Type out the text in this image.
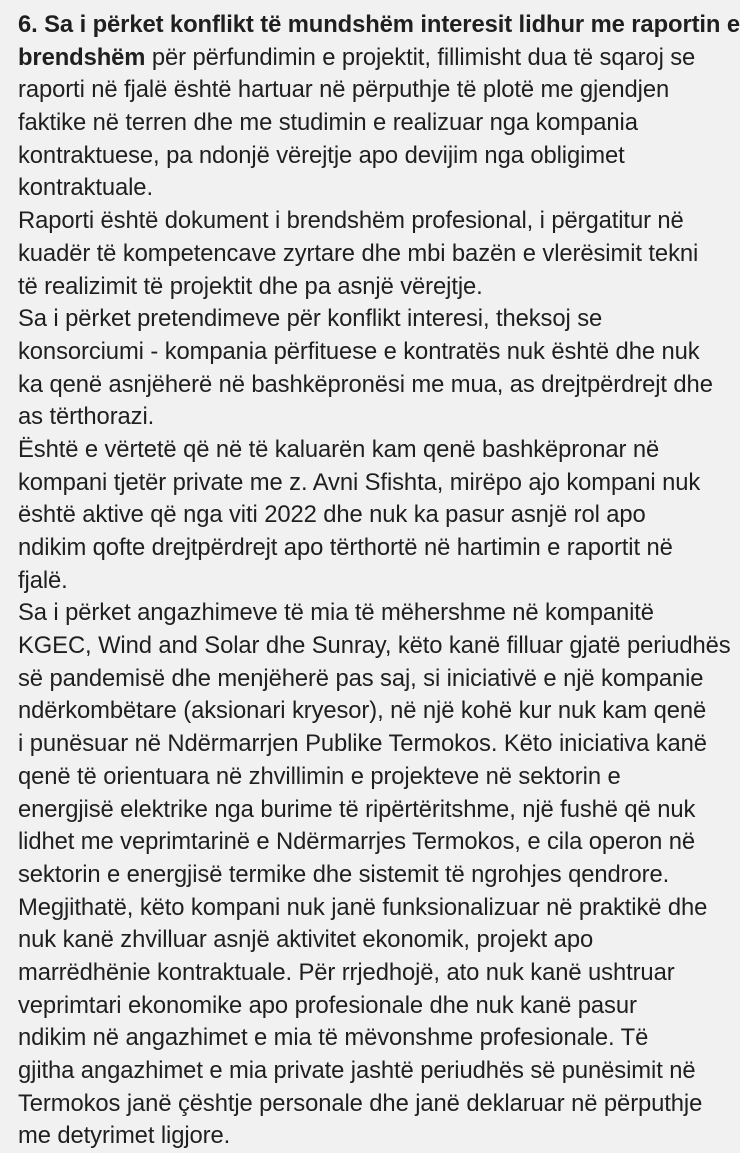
6. Sa i përket konflikt të mundshëm interesit lidhur me raportin e
brendshëm për përfundimin e projektit, fillimisht dua të sqaroj se
raporti në fjalë është hartuar në përputhje të plotë me gjendjen
faktike në terren dhe me studimin e realizuar nga kompania
kontraktuese, pa ndonjë vërejtje apo devijim nga obligimet
kontraktuale.
Raporti është dokument i brendshëm profesional, i përgatitur në
kuadër të kompetencave zyrtare dhe mbi bazën e vlerësimit tekni
të realizimit të projektit dhe pa asnjë vërejtje.
Sa i përket pretendimeve për konflikt interesi, theksoj se
konsorciumi - kompania përfituese e kontratës nuk është dhe nuk
ka qenë asnjëherë në bashkëpronësi me mua, as drejtpërdrejt dhe
as tërthorazi.
Është e vërtetë që në të kaluarën kam qenë bashkëpronar në
kompani tjetër private me z. Avni Sfishta, mirëpo ajo kompani nuk
është aktive që nga viti 2022 dhe nuk ka pasur asnjë rol apo
ndikim qofte drejtpërdrejt apo tërthortë në hartimin e raportit në
fjalë.
Sa i përket angazhimeve të mia të mëhershme në kompanitë
KGEC, Wind and Solar dhe Sunray, këto kanë filluar gjatë periudhës
së pandemisë dhe menjëherë pas saj, si iniciativë e një kompanie
ndërkombëtare (aksionari kryesor), në një kohë kur nuk kam qenë
i punësuar në Ndërmarrjen Publike Termokos. Këto iniciativa kanë
qenë të orientuara në zhvillimin e projekteve në sektorin e
energjisë elektrike nga burime të ripërtëritshme, një fushë që nuk
lidhet me veprimtarinë e Ndërmarrjes Termokos, e cila operon në
sektorin e energjisë termike dhe sistemit të ngrohjes qendrore.
Megjithatë, këto kompani nuk janë funksionalizuar në praktikë dhe
nuk kanë zhvilluar asnjë aktivitet ekonomik, projekt apo
marrëdhënie kontraktuale. Për rrjedhojë, ato nuk kanë ushtruar
veprimtari ekonomike apo profesionale dhe nuk kanë pasur
ndikim në angazhimet e mia të mëvonshme profesionale. Të
gjitha angazhimet e mia private jashtë periudhës së punësimit në
Termokos janë çështje personale dhe janë deklaruar në përputhje
me detyrimet ligjore.
